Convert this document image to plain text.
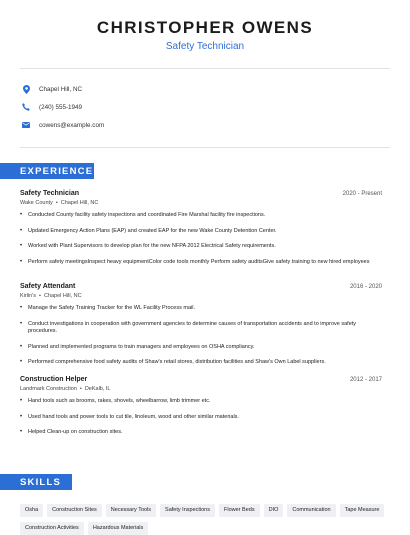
CHRISTOPHER OWENS
Safety Technician
Chapel Hill, NC
(240) 555-1949
cowens@example.com
EXPERIENCE
Safety Technician	2020 - Present
Wake County • Chapel Hill, NC
• Conducted County facility safety inspections and coordinated Fire Marshal facility fire inspections.
• Updated Emergency Action Plans (EAP) and created EAP for the new Wake County Detention Center.
• Worked with Plant Supervisors to develop plan for the new NFPA 2012 Electrical Safety requirements.
• Perform safety meetingsInspect heavy equipmentColor code tools monthly Perform safety auditsGive safety training to new hired employees
Safety Attendant	2016 - 2020
Kirlin's • Chapel Hill, NC
• Manage the Safety Training Tracker for the WL Facility Process mail.
• Conduct investigations in cooperation with government agencies to determine causes of transportation accidents and to improve safety procedures.
• Planned and implemented programs to train managers and employees on OSHA compliancy.
• Performed comprehensive food safety audits of Shaw's retail stores, distribution facilities and Shaw's Own Label suppliers.
Construction Helper	2012 - 2017
Landmark Construction • DeKalb, IL
• Hand tools such as brooms, rakes, shovels, wheelbarrow, limb trimmer etc.
• Used hand tools and power tools to cut tile, linoleum, wood and other similar materials.
• Helped Clean-up on construction sites.
SKILLS
Osha	Construction Sites	Necessary Tools	Safety Inspections	Flower Beds	DIO	Communication	Tape Measure
Construction Activities	Hazardous Materials
